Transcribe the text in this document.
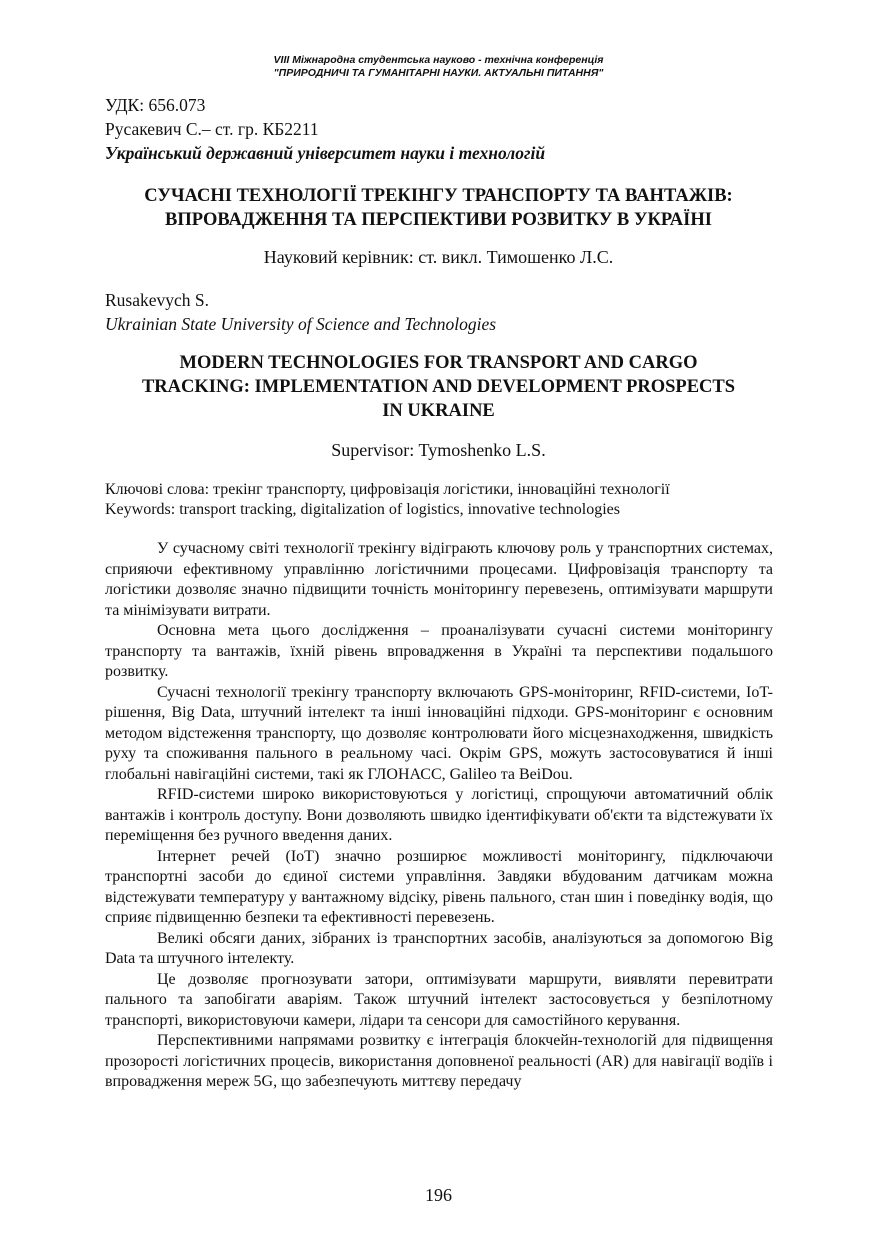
VIII Міжнародна студентська науково - технічна конференція
"ПРИРОДНИЧІ ТА ГУМАНІТАРНІ НАУКИ. АКТУАЛЬНІ ПИТАННЯ"
УДК: 656.073
Русакевич С.– ст. гр. КБ2211
Український державний університет науки і технологій
СУЧАСНІ ТЕХНОЛОГІЇ ТРЕКІНГУ ТРАНСПОРТУ ТА ВАНТАЖІВ:
ВПРОВАДЖЕННЯ ТА ПЕРСПЕКТИВИ РОЗВИТКУ В УКРАЇНІ
Науковий керівник: ст. викл. Тимошенко Л.С.
Rusakevych S.
Ukrainian State University of Science and Technologies
MODERN TECHNOLOGIES FOR TRANSPORT AND CARGO
TRACKING: IMPLEMENTATION AND DEVELOPMENT PROSPECTS
IN UKRAINE
Supervisor: Tymoshenko L.S.
Ключові слова: трекінг транспорту, цифровізація логістики, інноваційні технології
Keywords: transport tracking, digitalization of logistics, innovative technologies

У сучасному світі технології трекінгу відіграють ключову роль у транспортних системах, сприяючи ефективному управлінню логістичними процесами. Цифровізація транспорту та логістики дозволяє значно підвищити точність моніторингу перевезень, оптимізувати маршрути та мінімізувати витрати.

Основна мета цього дослідження – проаналізувати сучасні системи моніторингу транспорту та вантажів, їхній рівень впровадження в Україні та перспективи подальшого розвитку.

Сучасні технології трекінгу транспорту включають GPS-моніторинг, RFID-системи, IoT-рішення, Big Data, штучний інтелект та інші інноваційні підходи. GPS-моніторинг є основним методом відстеження транспорту, що дозволяє контролювати його місцезнаходження, швидкість руху та споживання пального в реальному часі. Окрім GPS, можуть застосовуватися й інші глобальні навігаційні системи, такі як ГЛОНАСС, Galileo та BeiDou.

RFID-системи широко використовуються у логістиці, спрощуючи автоматичний облік вантажів і контроль доступу. Вони дозволяють швидко ідентифікувати об'єкти та відстежувати їх переміщення без ручного введення даних.

Інтернет речей (IoT) значно розширює можливості моніторингу, підключаючи транспортні засоби до єдиної системи управління. Завдяки вбудованим датчикам можна відстежувати температуру у вантажному відсіку, рівень пального, стан шин і поведінку водія, що сприяє підвищенню безпеки та ефективності перевезень.

Великі обсяги даних, зібраних із транспортних засобів, аналізуються за допомогою Big Data та штучного інтелекту.

Це дозволяє прогнозувати затори, оптимізувати маршрути, виявляти перевитрати пального та запобігати аваріям. Також штучний інтелект застосовується у безпілотному транспорті, використовуючи камери, лідари та сенсори для самостійного керування.

Перспективними напрямами розвитку є інтеграція блокчейн-технологій для підвищення прозорості логістичних процесів, використання доповненої реальності (AR) для навігації водіїв і впровадження мереж 5G, що забезпечують миттєву передачу

196
